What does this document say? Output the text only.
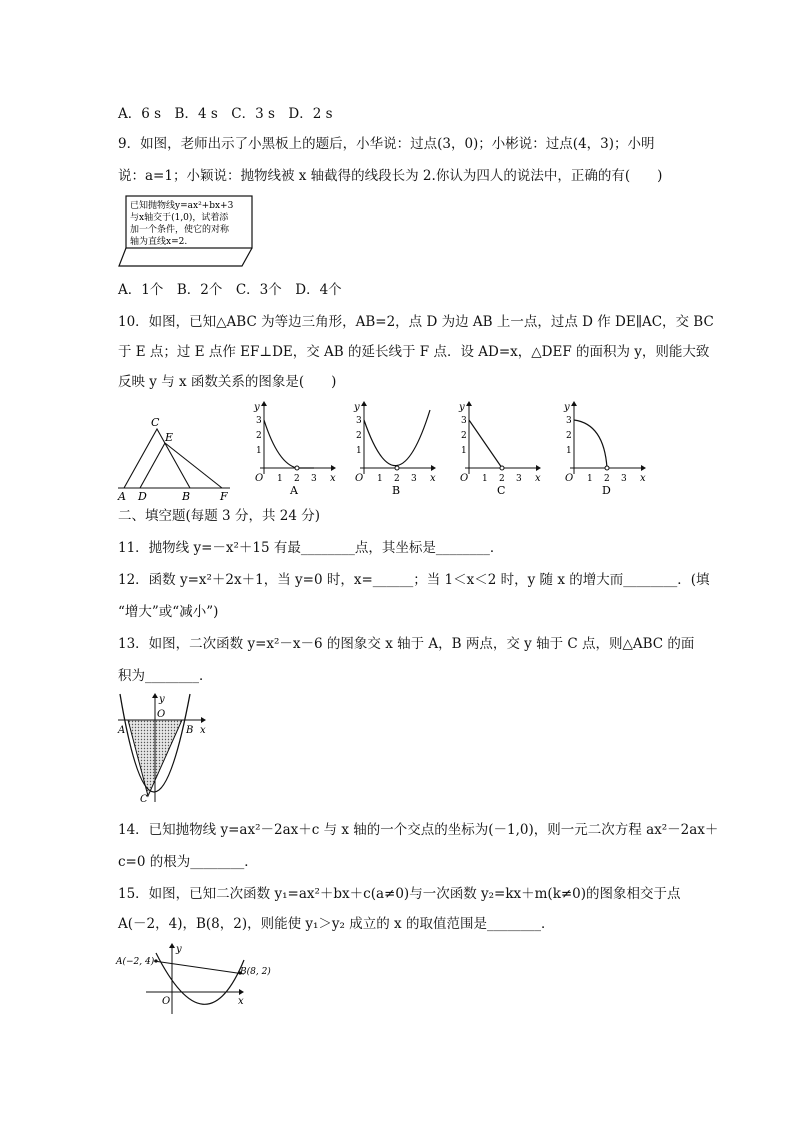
A．6 s　B．4 s　C．3 s　D．2 s
9．如图，老师出示了小黑板上的题后，小华说：过点(3，0)；小彬说：过点(4，3)；小明
说：a=1；小颖说：抛物线被 x 轴截得的线段长为 2.你认为四人的说法中，正确的有(　　)
已知抛物线y=ax²+bx+3
与x轴交于(1,0)，试着添
加一个条件，使它的对称
轴为直线x=2.
A．1个　B．2个　C．3个　D．4个
10．如图，已知△ABC 为等边三角形，AB=2，点 D 为边 AB 上一点，过点 D 作 DE∥AC，交 BC
于 E 点；过 E 点作 EF⊥DE，交 AB 的延长线于 F 点．设 AD=x，△DEF 的面积为 y，则能大致
反映 y 与 x 函数关系的图象是(　　)
C
E
A D	B	F
y
x
O
3
2
1
1 2 3
A
y
x
O
3
2
1
1 2 3
B
y
x
O
3
2
1
1 2 3
C
y
x
O
3
2
1
1 2 3
D
二、填空题(每题 3 分，共 24 分)
11．抛物线 y=－x²＋15 有最________点，其坐标是________．
12．函数 y=x²＋2x＋1，当 y=0 时，x=______；当 1＜x＜2 时，y 随 x 的增大而________．(填
“增大”或“减小”)
13．如图，二次函数 y=x²－x－6 的图象交 x 轴于 A，B 两点，交 y 轴于 C 点，则△ABC 的面
积为________．
y
O
A	B x
C
14．已知抛物线 y=ax²－2ax＋c 与 x 轴的一个交点的坐标为(－1,0)，则一元二次方程 ax²－2ax＋
c=0 的根为________．
15．如图，已知二次函数 y₁=ax²＋bx＋c(a≠0)与一次函数 y₂=kx＋m(k≠0)的图象相交于点
A(－2，4)，B(8，2)，则能使 y₁＞y₂ 成立的 x 的取值范围是________．
A(−2, 4)
B(8, 2)
y
O	x
